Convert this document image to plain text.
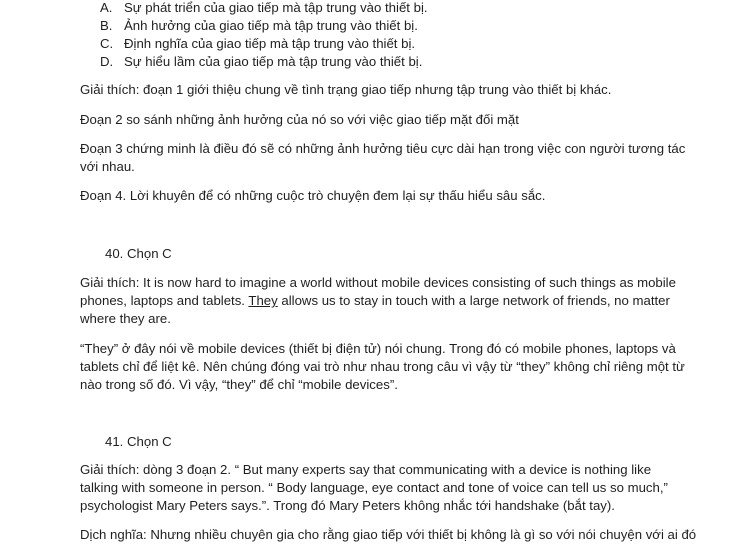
A. Sự phát triển của giao tiếp mà tập trung vào thiết bị.
B. Ảnh hưởng của giao tiếp mà tập trung vào thiết bị.
C. Định nghĩa của giao tiếp mà tập trung vào thiết bị.
D. Sự hiểu lầm của giao tiếp mà tập trung vào thiết bị.
Giải thích: đoạn 1 giới thiệu chung về tình trạng giao tiếp nhưng tập trung vào thiết bị khác.
Đoạn 2 so sánh những ảnh hưởng của nó so với việc giao tiếp mặt đối mặt
Đoạn 3 chứng minh là điều đó sẽ có những ảnh hưởng tiêu cực dài hạn trong việc con người tương tác
với nhau.
Đoạn 4. Lời khuyên để có những cuộc trò chuyện đem lại sự thấu hiểu sâu sắc.
40. Chọn C
Giải thích: It is now hard to imagine a world without mobile devices consisting of such things as mobile
phones, laptops and tablets. They allows us to stay in touch with a large network of friends, no matter
where they are.
“They” ở đây nói về mobile devices (thiết bị điện tử) nói chung. Trong đó có mobile phones, laptops và
tablets chỉ để liệt kê. Nên chúng đóng vai trò như nhau trong câu vì vậy từ “they” không chỉ riêng một từ
nào trong số đó. Vì vậy, “they” để chỉ “mobile devices”.
41. Chọn C
Giải thích: dòng 3 đoạn 2. “ But many experts say that communicating with a device is nothing like
talking with someone in person. “ Body language, eye contact and tone of voice can tell us so much,”
psychologist Mary Peters says.”. Trong đó Mary Peters không nhắc tới handshake (bắt tay).
Dịch nghĩa: Nhưng nhiều chuyên gia cho rằng giao tiếp với thiết bị không là gì so với nói chuyện với ai đó
